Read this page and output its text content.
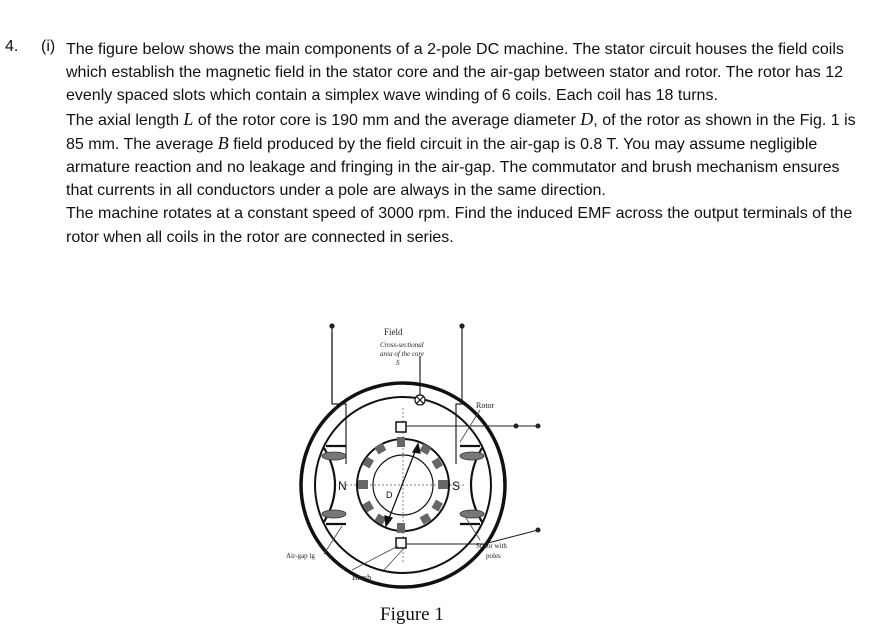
4. (i) The figure below shows the main components of a 2-pole DC machine. The stator circuit houses the field coils which establish the magnetic field in the stator core and the air-gap between stator and rotor. The rotor has 12 evenly spaced slots which contain a simplex wave winding of 6 coils. Each coil has 18 turns.

The axial length L of the rotor core is 190 mm and the average diameter D, of the rotor as shown in the Fig. 1 is 85 mm. The average B field produced by the field circuit in the air-gap is 0.8 T. You may assume negligible armature reaction and no leakage and fringing in the air-gap. The commutator and brush mechanism ensures that currents in all conductors under a pole are always in the same direction.

The machine rotates at a constant speed of 3000 rpm. Find the induced EMF across the output terminals of the rotor when all coils in the rotor are connected in series.

Field
Cross-sectional
area of the core
S
Rotor
Stator with
poles
Air-gap lg
Brush
N	S
D
Figure 1
